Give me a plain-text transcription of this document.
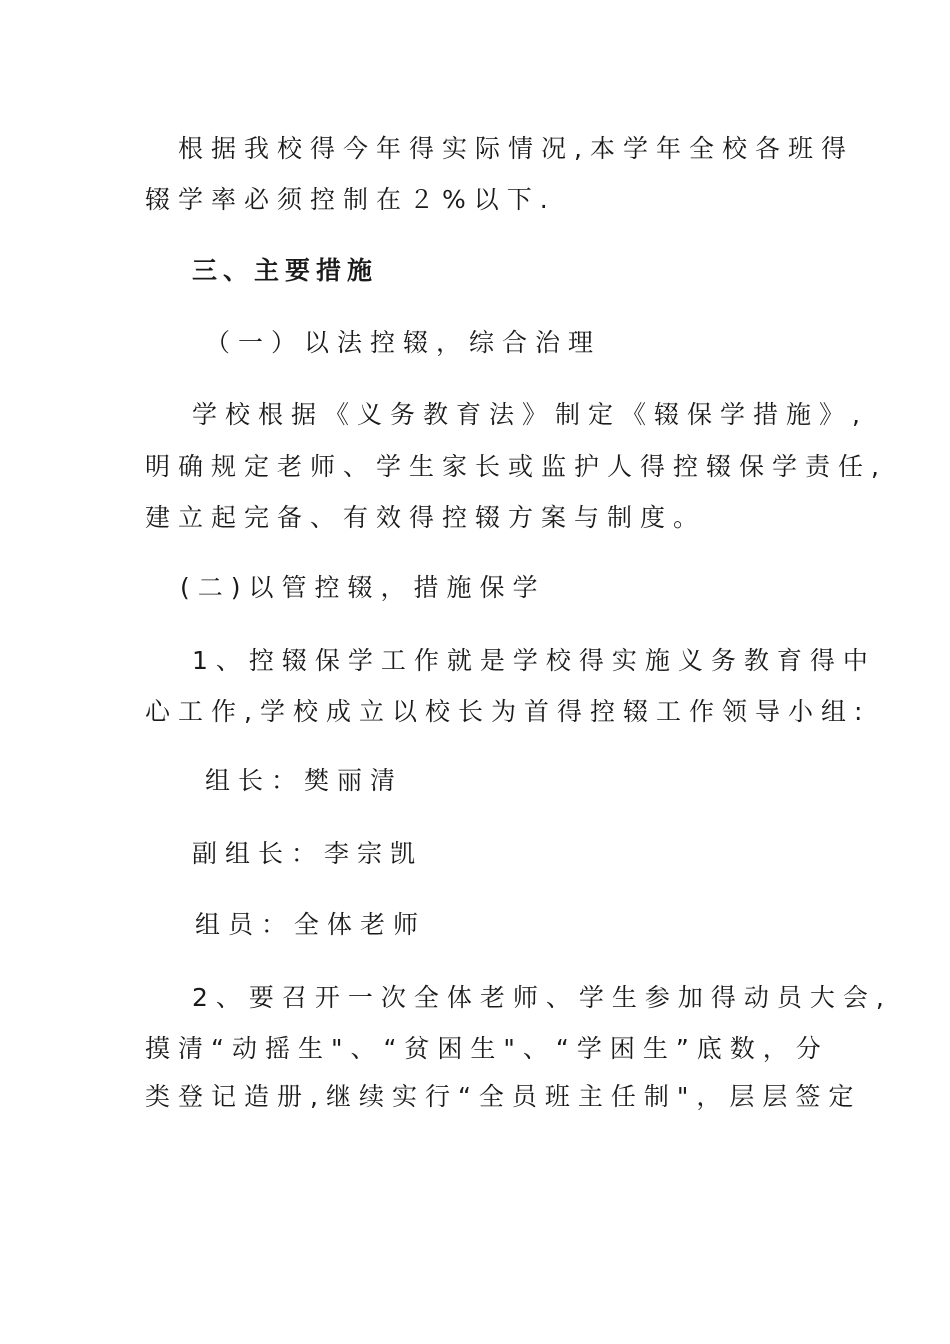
根据我校得今年得实际情况,本学年全校各班得
辍学率必须控制在２%以下.
三、主要措施
（一）以法控辍，综合治理
学校根据《义务教育法》制定《辍保学措施》,
明确规定老师、学生家长或监护人得控辍保学责任,
建立起完备、有效得控辍方案与制度。
(二)以管控辍，措施保学
1、控辍保学工作就是学校得实施义务教育得中
心工作,学校成立以校长为首得控辍工作领导小组:
组长：樊丽清
副组长：李宗凯
组员：全体老师
2、要召开一次全体老师、学生参加得动员大会,
摸清“动摇生"、“贫困生"、“学困生”底数，分
类登记造册,继续实行“全员班主任制"，层层签定
